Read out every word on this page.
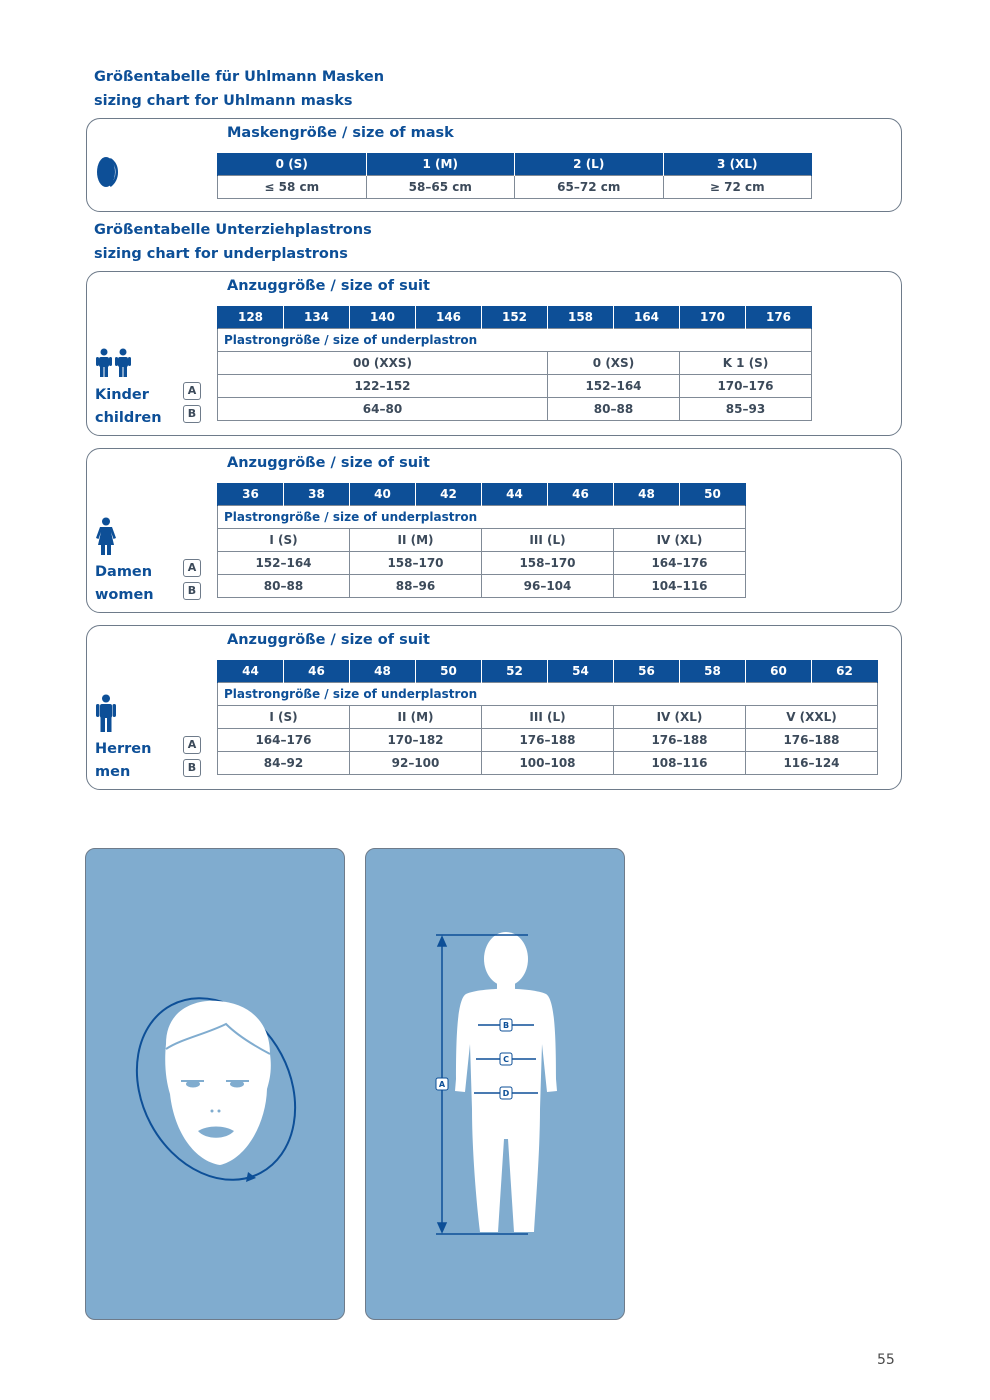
Größentabelle für Uhlmann Masken
sizing chart for Uhlmann masks
Maskengröße / size of mask
0 (S)	1 (M)	2 (L)	3 (XL)
≤ 58 cm	58–65 cm	65–72 cm	≥ 72 cm
Größentabelle Unterziehplastrons
sizing chart for underplastrons
Kinder
children
A
B
Anzuggröße / size of suit
128	134	140	146	152	158	164	170	176
Plastrongröße / size of underplastron								
00 (XXS)					0 (XS)		K 1 (S)	
122–152					152–164		170–176	
64–80					80–88		85–93	
Damen
women
A
B
Anzuggröße / size of suit
36	38	40	42	44	46	48	50
Plastrongröße / size of underplastron							
I (S)		II (M)		III (L)		IV (XL)	
152–164		158–170		158–170		164–176	
80–88		88–96		96–104		104–116	
Herren
men
A
B
Anzuggröße / size of suit
44	46	48	50	52	54	56	58	60	62
Plastrongröße / size of underplastron									
I (S)		II (M)		III (L)		IV (XL)		V (XXL)	
164–176		170–182		176–188		176–188		176–188	
84–92		92–100		100–108		108–116		116–124	
A
B
C
D
55
